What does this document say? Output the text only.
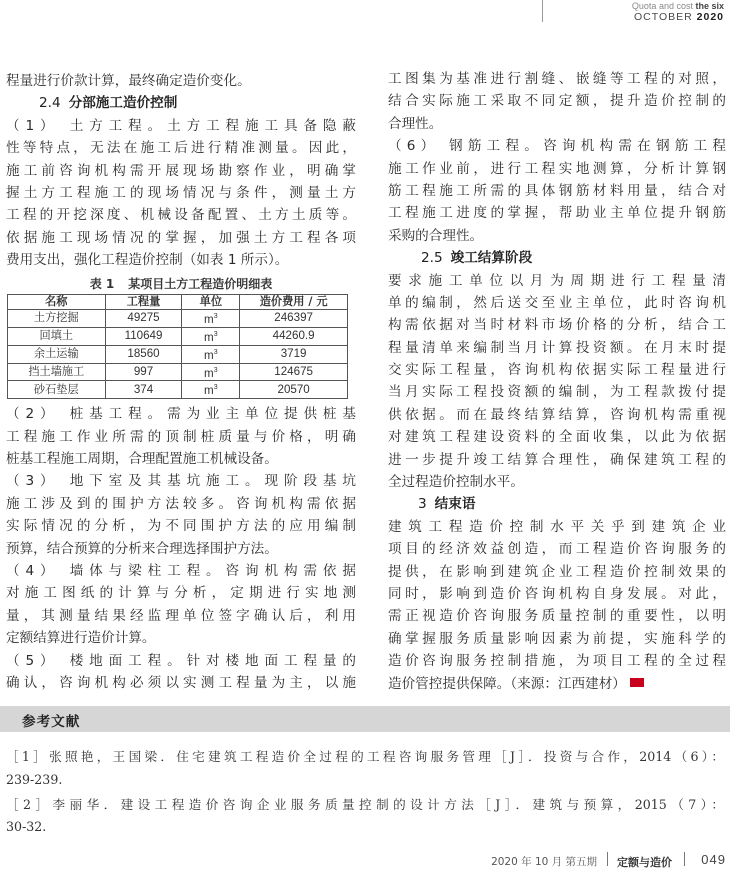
Quota and cost the six
OCTOBER 2020
程量进行价款计算，最终确定造价变化。
2.4 分部施工造价控制
（1） 土方工程。土方工程施工具备隐蔽
性等特点，无法在施工后进行精准测量。因此，
施工前咨询机构需开展现场勘察作业，明确掌
握土方工程施工的现场情况与条件，测量土方
工程的开挖深度、机械设备配置、土方土质等。
依据施工现场情况的掌握，加强土方工程各项
费用支出，强化工程造价控制（如表 1 所示）。
表 1 某项目土方工程造价明细表
名称	工程量	单位	造价费用 / 元
土方挖掘	49275	$m^3$	246397
回填土	110649	$m^3$	44260.9
余土运输	18560	$m^3$	3719
挡土墙施工	997	$m^3$	124675
砂石垫层	374	$m^3$	20570
（2） 桩基工程。需为业主单位提供桩基
工程施工作业所需的顶制桩质量与价格，明确
桩基工程施工周期，合理配置施工机械设备。
（3） 地下室及其基坑施工。现阶段基坑
施工涉及到的围护方法较多。咨询机构需依据
实际情况的分析，为不同围护方法的应用编制
预算，结合预算的分析来合理选择围护方法。
（4） 墙体与梁柱工程。咨询机构需依据
对施工图纸的计算与分析，定期进行实地测
量，其测量结果经监理单位签字确认后，利用
定额结算进行造价计算。
（5） 楼地面工程。针对楼地面工程量的
确认，咨询机构必须以实测工程量为主，以施
工图集为基准进行割缝、嵌缝等工程的对照，
结合实际施工采取不同定额，提升造价控制的
合理性。
（6） 钢筋工程。咨询机构需在钢筋工程
施工作业前，进行工程实地测算，分析计算钢
筋工程施工所需的具体钢筋材料用量，结合对
工程施工进度的掌握，帮助业主单位提升钢筋
采购的合理性。
2.5 竣工结算阶段
要求施工单位以月为周期进行工程量清
单的编制，然后送交至业主单位，此时咨询机
构需依据对当时材料市场价格的分析，结合工
程量清单来编制当月计算投资额。在月末时提
交实际工程量，咨询机构依据实际工程量进行
当月实际工程投资额的编制，为工程款拨付提
供依据。而在最终结算结算，咨询机构需重视
对建筑工程建设资料的全面收集，以此为依据
进一步提升竣工结算合理性，确保建筑工程的
全过程造价控制水平。
3 结束语
建筑工程造价控制水平关乎到建筑企业
项目的经济效益创造，而工程造价咨询服务的
提供，在影响到建筑企业工程造价控制效果的
同时，影响到造价咨询机构自身发展。对此，
需正视造价咨询服务质量控制的重要性，以明
确掌握服务质量影响因素为前提，实施科学的
造价咨询服务控制措施，为项目工程的全过程
造价管控提供保障。（来源：江西建材）
参考文献
［1］张照艳，王国梁．住宅建筑工程造价全过程的工程咨询服务管理［J］．投资与合作，2014（6）：
239-239.
［2］李丽华．建设工程造价咨询企业服务质量控制的设计方法［J］．建筑与预算，2015（7）：
30-32.
2020 年 10 月 第五期 定额与造价 049
